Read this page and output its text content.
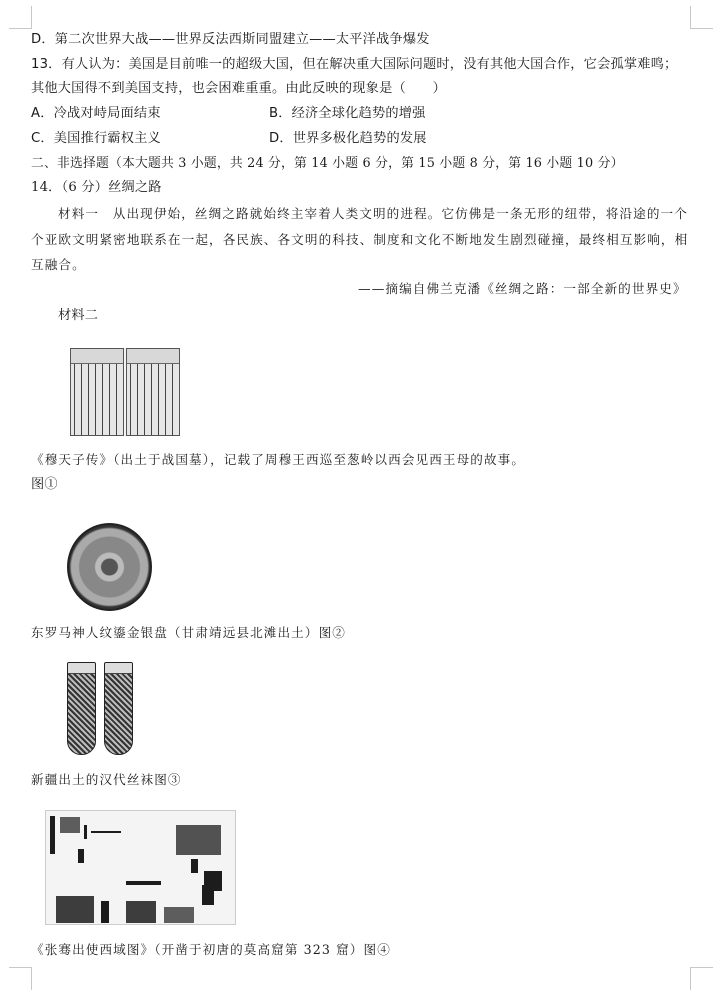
D．第二次世界大战——世界反法西斯同盟建立——太平洋战争爆发
13．有人认为：美国是目前唯一的超级大国，但在解决重大国际问题时，没有其他大国合作，它会孤掌难鸣；
其他大国得不到美国支持，也会困难重重。由此反映的现象是（　　）
A．冷战对峙局面结束	B．经济全球化趋势的增强
C．美国推行霸权主义	D．世界多极化趋势的发展
二、非选择题（本大题共 3 小题，共 24 分，第 14 小题 6 分，第 15 小题 8 分，第 16 小题 10 分）
14．（6 分）丝绸之路
材料一　从出现伊始，丝绸之路就始终主宰着人类文明的进程。它仿佛是一条无形的纽带，将沿途的一个
个亚欧文明紧密地联系在一起，各民族、各文明的科技、制度和文化不断地发生剧烈碰撞，最终相互影响，相
互融合。
——摘编自佛兰克潘《丝绸之路：一部全新的世界史》
材料二
《穆天子传》（出土于战国墓），记载了周穆王西巡至葱岭以西会见西王母的故事。
图①
东罗马神人纹鎏金银盘（甘肃靖远县北滩出土）图②
新疆出土的汉代丝袜图③
《张骞出使西域图》（开凿于初唐的莫高窟第 323 窟）图④
